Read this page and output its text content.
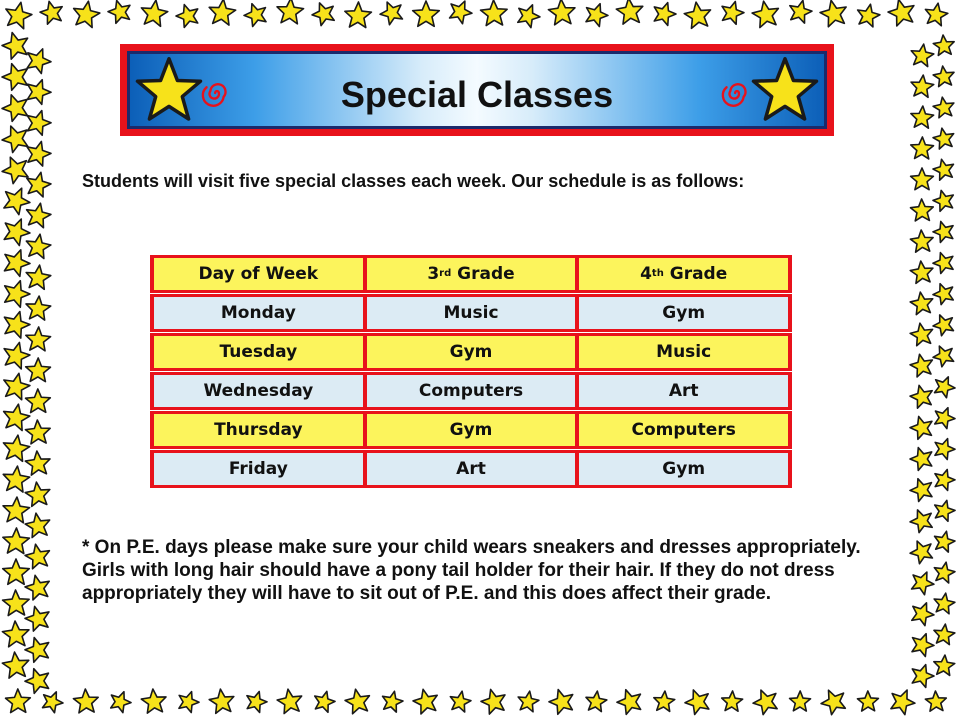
Special Classes
Students will visit five special classes each week. Our schedule is as follows:
Day of Week	3 rd Grade	4 th Grade
Monday	Music	Gym
Tuesday	Gym	Music
Wednesday	Computers	Art
Thursday	Gym	Computers
Friday	Art	Gym
* On P.E. days please make sure your child wears sneakers and dresses appropriately. Girls with long hair should have a pony tail holder for their hair. If they do not dress appropriately they will have to sit out of P.E. and this does affect their grade.
